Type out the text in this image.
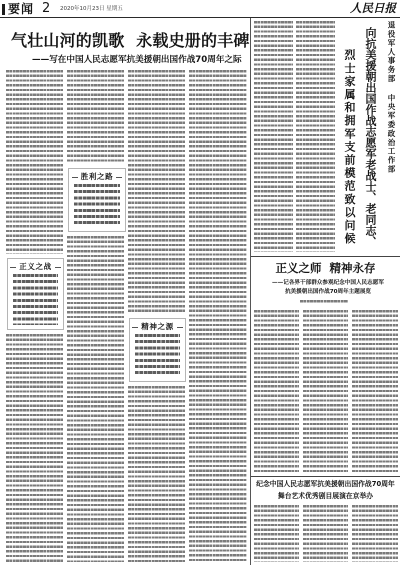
要闻 2 2020年10月23日 星期五	人民日报
气壮山河的凯歌 永载史册的丰碑
——写在中国人民志愿军抗美援朝出国作战70周年之际
胜利之路
正义之战
精神之源
退役军人事务部 中央军委政治工作部
向抗美援朝出国作战志愿军老战士、老同志、
烈士家属和拥军支前模范致以问候
正义之师 精神永存
——记各界干部群众参观纪念中国人民志愿军
抗美援朝出国作战70周年主题展览
纪念中国人民志愿军抗美援朝出国作战70周年
舞台艺术优秀剧目展演在京举办
